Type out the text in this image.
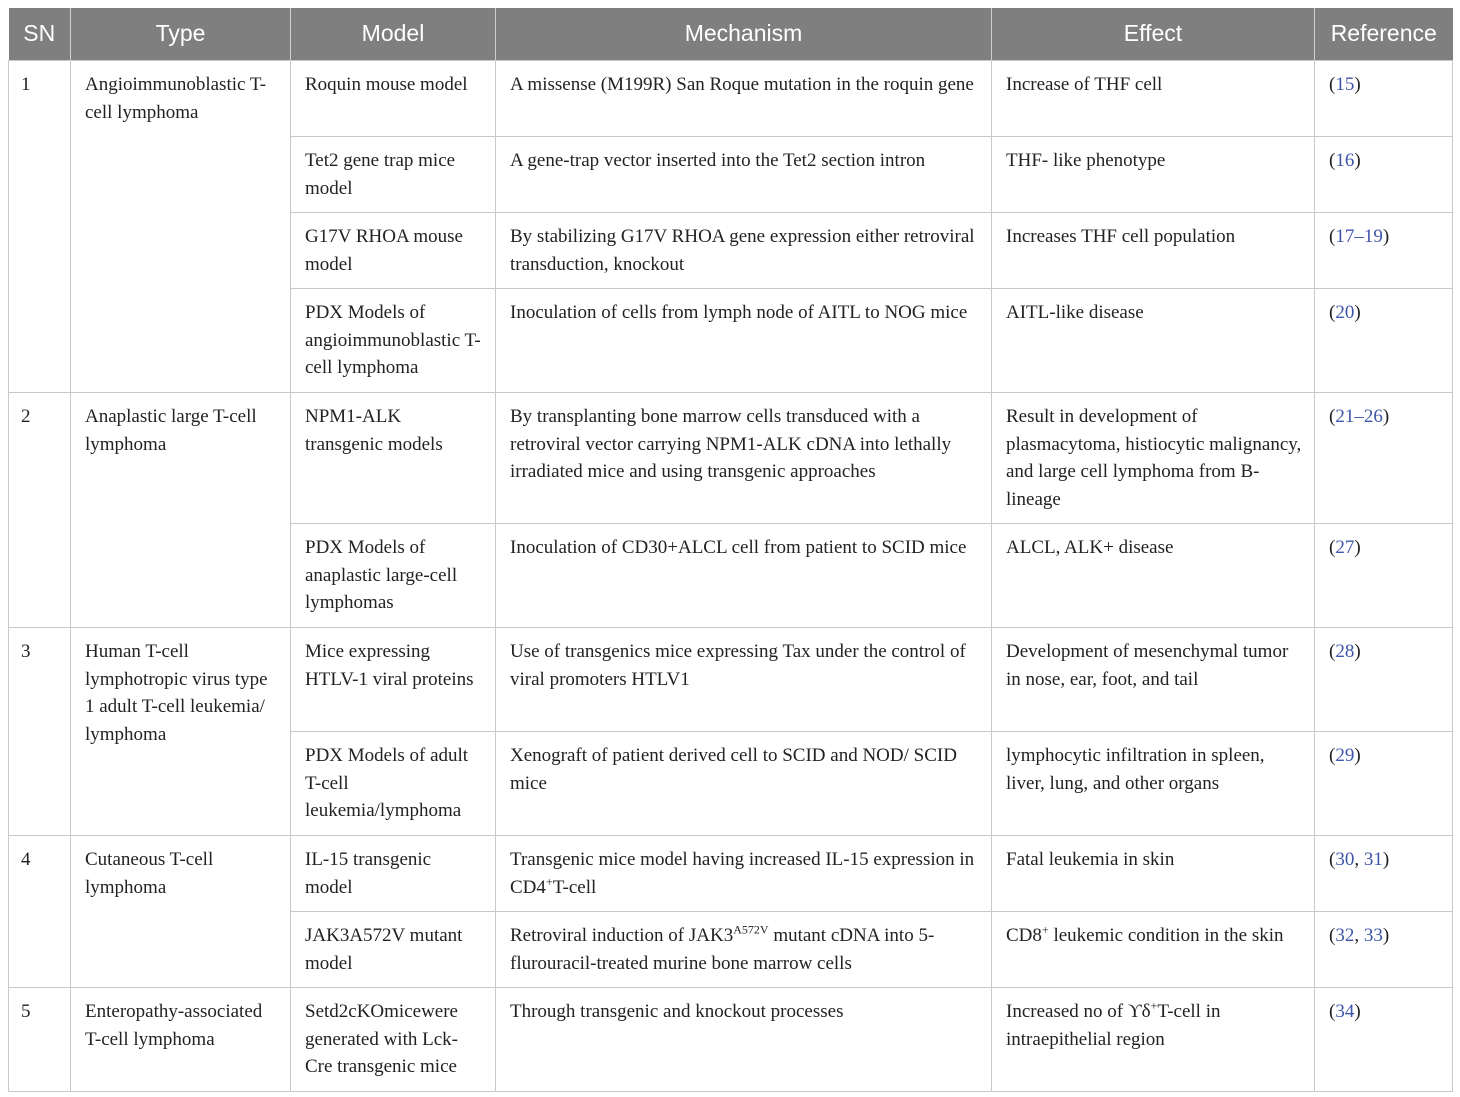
SN	Type	Model	Mechanism	Effect	Reference
1	Angioimmunoblastic T-cell lymphoma	Roquin mouse model	A missense (M199R) San Roque mutation in the roquin gene	Increase of THF cell	(15)
		Tet2 gene trap mice model	A gene-trap vector inserted into the Tet2 section intron	THF- like phenotype	(16)
		G17V RHOA mouse model	By stabilizing G17V RHOA gene expression either retroviral transduction, knockout	Increases THF cell population	(17–19)
		PDX Models of angioimmunoblastic T-cell lymphoma	Inoculation of cells from lymph node of AITL to NOG mice	AITL-like disease	(20)
2	Anaplastic large T-cell lymphoma	NPM1-ALK transgenic models	By transplanting bone marrow cells transduced with a retroviral vector carrying NPM1-ALK cDNA into lethally irradiated mice and using transgenic approaches	Result in development of plasmacytoma, histiocytic malignancy, and large cell lymphoma from B-lineage	(21–26)
		PDX Models of anaplastic large-cell lymphomas	Inoculation of CD30+ALCL cell from patient to SCID mice	ALCL, ALK+ disease	(27)
3	Human T-cell lymphotropic virus type 1 adult T-cell leukemia/ lymphoma	Mice expressing HTLV-1 viral proteins	Use of transgenics mice expressing Tax under the control of viral promoters HTLV1	Development of mesenchymal tumor in nose, ear, foot, and tail	(28)
		PDX Models of adult T-cell leukemia/lymphoma	Xenograft of patient derived cell to SCID and NOD/ SCID mice	lymphocytic infiltration in spleen, liver, lung, and other organs	(29)
4	Cutaneous T-cell lymphoma	IL-15 transgenic model	Transgenic mice model having increased IL-15 expression in CD4+T-cell	Fatal leukemia in skin	(30, 31)
		JAK3A572V mutant model	Retroviral induction of $JAK3^{A572V}$ mutant cDNA into 5-flurouracil-treated murine bone marrow cells	CD8+ leukemic condition in the skin	(32, 33)
5	Enteropathy-associated T-cell lymphoma	Setd2cKOmicewere generated with Lck-Cre transgenic mice	Through transgenic and knockout processes	Increased no of ϒδ+T-cell in intraepithelial region	(34)
